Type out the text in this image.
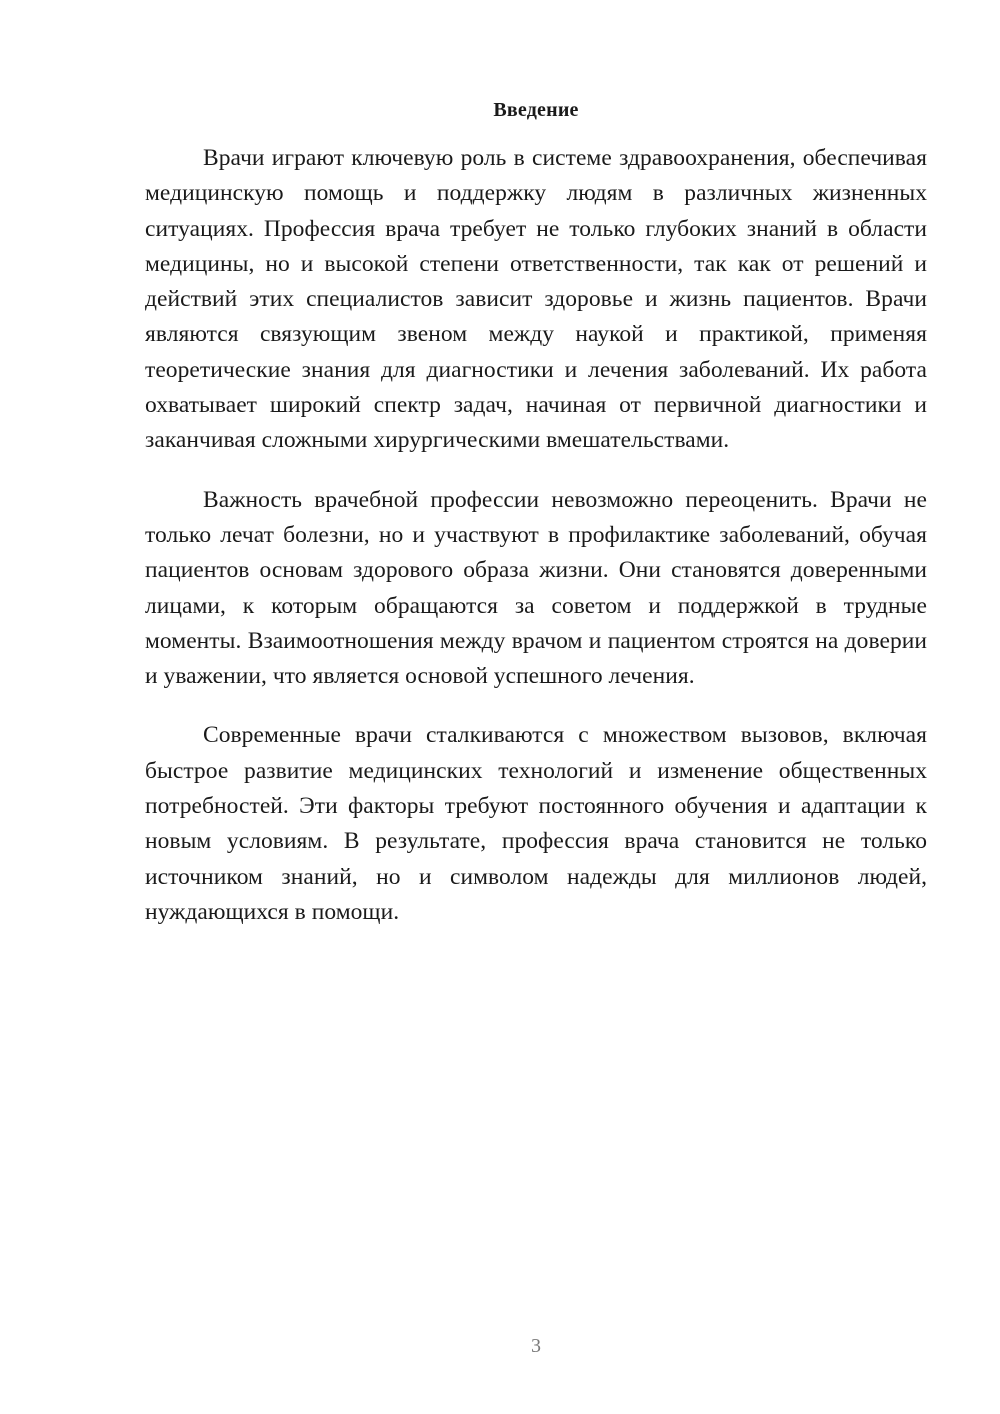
Введение

Врачи играют ключевую роль в системе здравоохранения, обеспечивая медицинскую помощь и поддержку людям в различных жизненных ситуациях. Профессия врача требует не только глубоких знаний в области медицины, но и высокой степени ответственности, так как от решений и действий этих специалистов зависит здоровье и жизнь пациентов. Врачи являются связующим звеном между наукой и практикой, применяя теоретические знания для диагностики и лечения заболеваний. Их работа охватывает широкий спектр задач, начиная от первичной диагностики и заканчивая сложными хирургическими вмешательствами.

Важность врачебной профессии невозможно переоценить. Врачи не только лечат болезни, но и участвуют в профилактике заболеваний, обучая пациентов основам здорового образа жизни. Они становятся доверенными лицами, к которым обращаются за советом и поддержкой в трудные моменты. Взаимоотношения между врачом и пациентом строятся на доверии и уважении, что является основой успешного лечения.

Современные врачи сталкиваются с множеством вызовов, включая быстрое развитие медицинских технологий и изменение общественных потребностей. Эти факторы требуют постоянного обучения и адаптации к новым условиям. В результате, профессия врача становится не только источником знаний, но и символом надежды для миллионов людей, нуждающихся в помощи.

3
